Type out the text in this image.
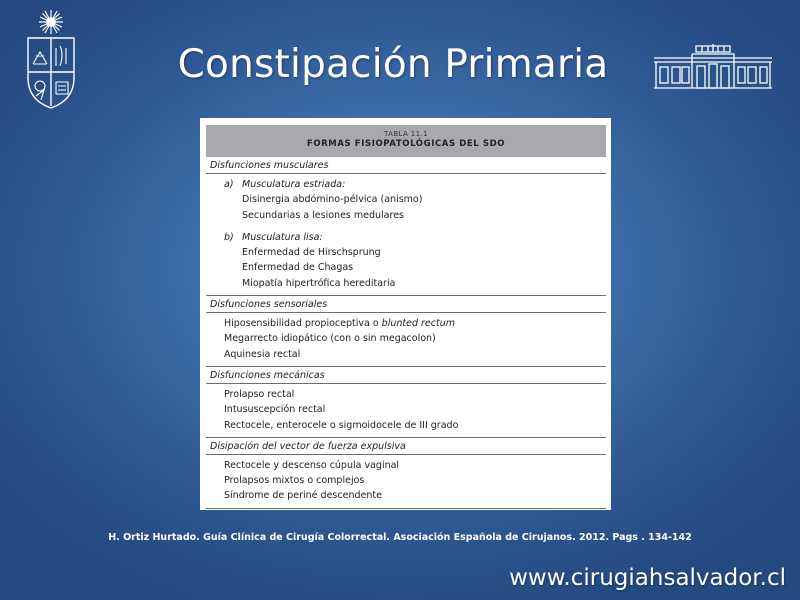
Constipación Primaria
TABLA 11.1
FORMAS FISIOPATOLÓGICAS DEL SDO
Disfunciones musculares
a) Musculatura estriada:
Disinergia abdómino-pélvica (anismo)
Secundarias a lesiones medulares
b) Musculatura lisa:
Enfermedad de Hirschsprung
Enfermedad de Chagas
Miopatía hipertrófica hereditaria
Disfunciones sensoriales
Hiposensibilidad propioceptiva o blunted rectum
Megarrecto idiopático (con o sin megacolon)
Aquinesia rectal
Disfunciones mecánicas
Prolapso rectal
Intususcepción rectal
Rectocele, enterocele o sigmoidocele de III grado
Disipación del vector de fuerza expulsiva
Rectocele y descenso cúpula vaginal
Prolapsos mixtos o complejos
Síndrome de periné descendente
H. Ortiz Hurtado. Guía Clínica de Cirugía Colorrectal. Asociación Española de Cirujanos. 2012. Pags . 134-142
www.cirugiahsalvador.cl
